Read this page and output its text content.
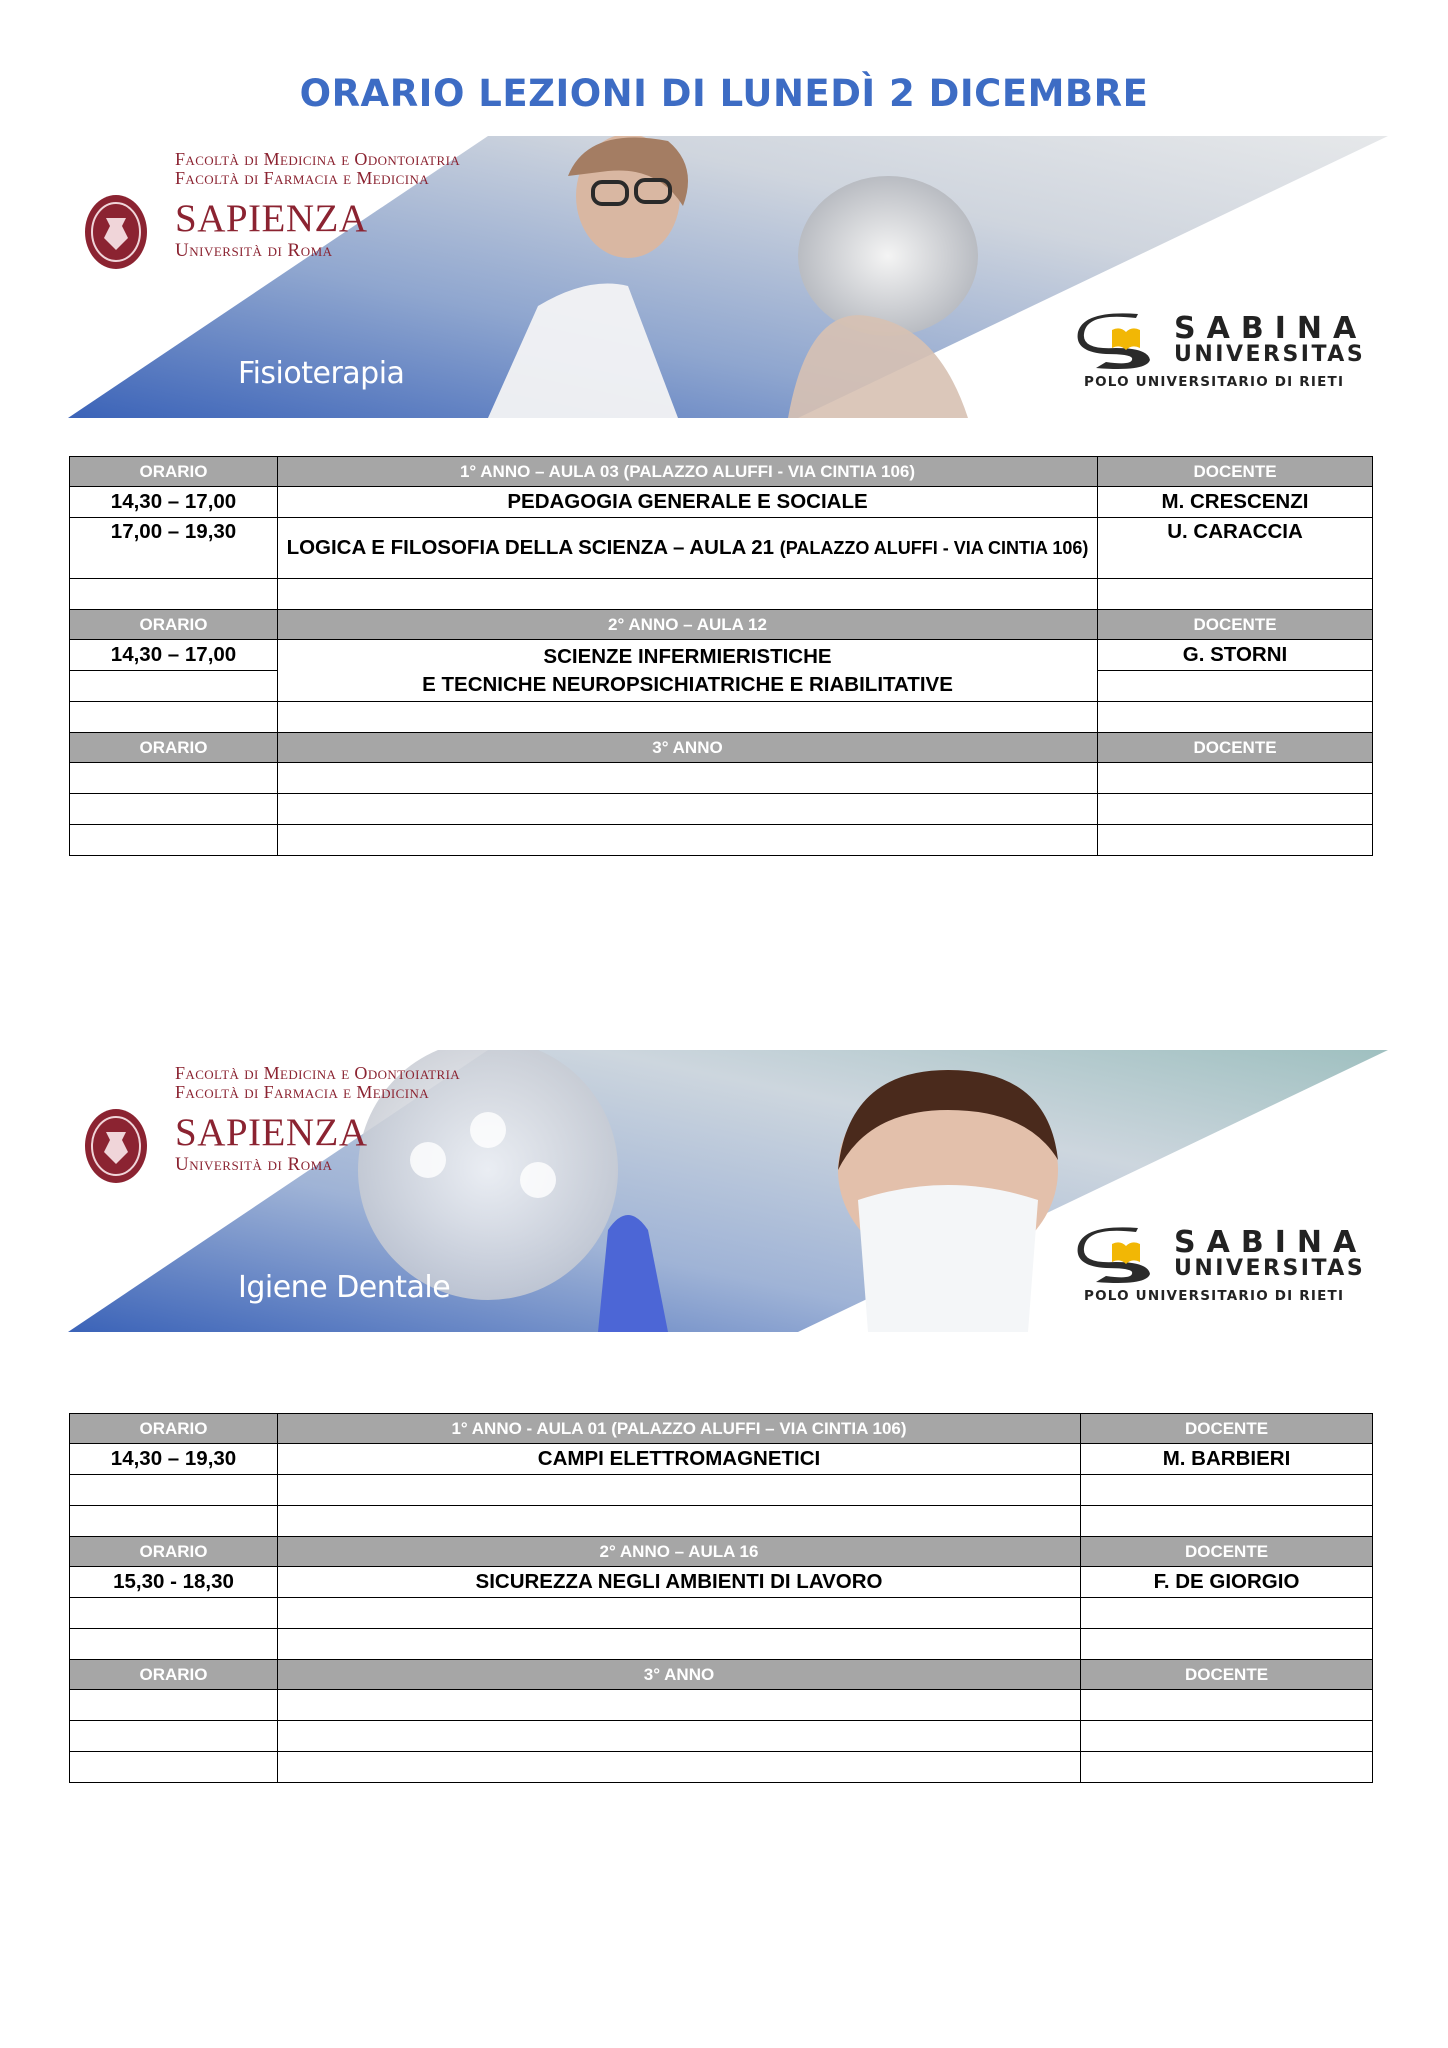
ORARIO LEZIONI DI LUNEDÌ 2 DICEMBRE
Facoltà di Medicina e Odontoiatria
Facoltà di Farmacia e Medicina
SAPIENZA
Università di Roma
Fisioterapia
SABINA
UNIVERSITAS
POLO UNIVERSITARIO DI RIETI
ORARIO	1° ANNO – AULA 03 (PALAZZO ALUFFI - VIA CINTIA 106)	DOCENTE
14,30 – 17,00	PEDAGOGIA GENERALE E SOCIALE	M. CRESCENZI
17,00 – 19,30	LOGICA E FILOSOFIA DELLA SCIENZA – AULA 21 (PALAZZO ALUFFI - VIA CINTIA 106)	U. CARACCIA

ORARIO	2° ANNO – AULA 12	DOCENTE
14,30 – 17,00	SCIENZE INFERMIERISTICHE
E TECNICHE NEUROPSICHIATRICHE E RIABILITATIVE	G. STORNI

ORARIO	3° ANNO	DOCENTE

Facoltà di Medicina e Odontoiatria
Facoltà di Farmacia e Medicina
SAPIENZA
Università di Roma
Igiene Dentale
SABINA
UNIVERSITAS
POLO UNIVERSITARIO DI RIETI
ORARIO	1° ANNO - AULA 01 (PALAZZO ALUFFI – VIA CINTIA 106)	DOCENTE
14,30 – 19,30	CAMPI ELETTROMAGNETICI	M. BARBIERI

ORARIO	2° ANNO – AULA 16	DOCENTE
15,30 - 18,30	SICUREZZA NEGLI AMBIENTI DI LAVORO	F. DE GIORGIO

ORARIO	3° ANNO	DOCENTE
